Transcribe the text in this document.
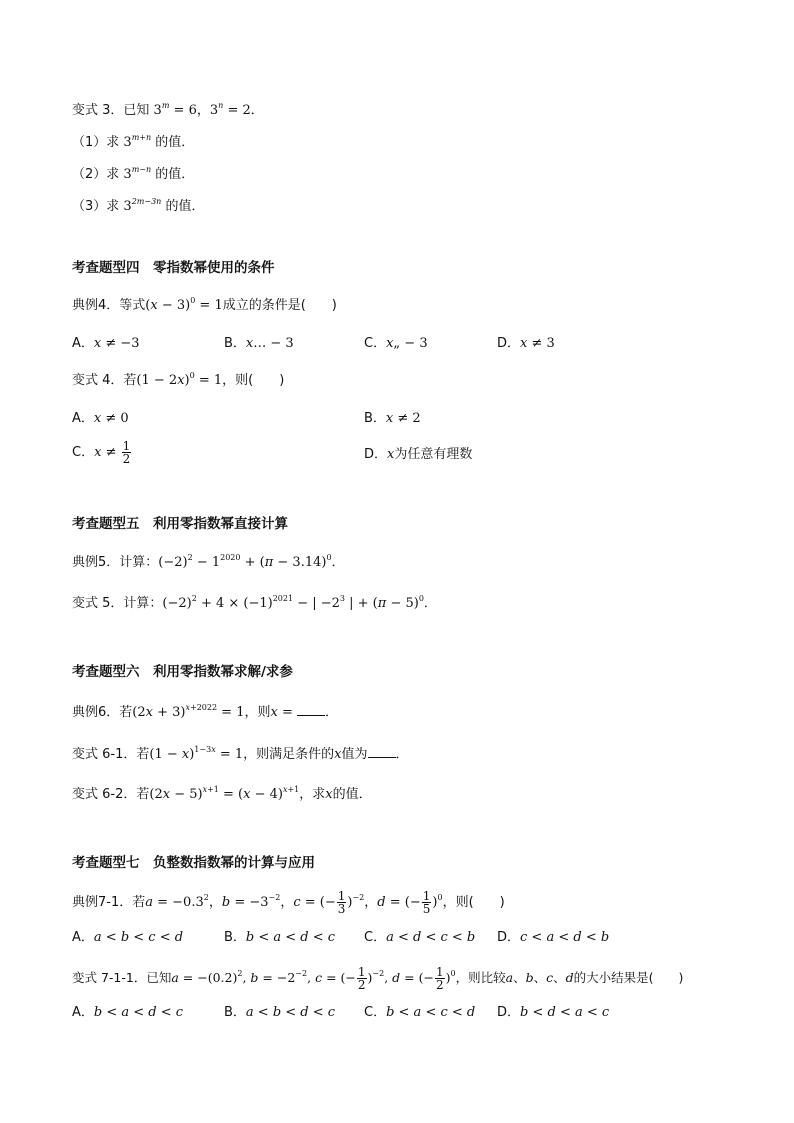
变式 3．已知 $3^m = 6$，$3^n = 2$．
（1）求 $3^{m+n}$ 的值．
（2）求 $3^{m-n}$ 的值．
（3）求 $3^{2m-3n}$ 的值．
考查题型四　零指数幂使用的条件
典例4．等式$(x - 3)^0 = 1$成立的条件是(　　)
A．x ≠ −3	B．x… − 3	C．x„ − 3	D．x ≠ 3
变式 4．若$(1 - 2x)^0 = 1$，则(　　)
A．x ≠ 0	B．x ≠ 2
C．$x \ne \frac{1}{2}$	D．x为任意有理数
考查题型五　利用零指数幂直接计算
典例5．计算：$(-2)^2 - 1^{2020} + (\pi - 3.14)^0$．
变式 5．计算：$(-2)^2 + 4 \times (-1)^{2021}$ − | $-2^3$ | + $(\pi - 5)^0$．
考查题型六　利用零指数幂求解/求参
典例6．若$(2x + 3)^{x+2022} = 1$，则x = ．
变式 6-1．若$(1 - x)^{1-3x} = 1$，则满足条件的x值为 ．
变式 6-2．若$(2x - 5)^{x+1} = (x - 4)^{x+1}$，求x的值．
考查题型七　负整数指数幂的计算与应用
典例7-1．若$a = -0.3^2$，$b = -3^{-2}$，c = (− $\frac{1}{3} )^{-2}$，d = (− $\frac{1}{5} )^0$，则(　　)
A．a < b < c < d	B．b < a < d < c C．a < d < c < b D．c < a < d < b
变式 7-1-1．已知$a = -(0.2)^2$, $b = -2^{-2}$, c = (− $\frac{1}{2} )^{-2}$, d = (− $\frac{1}{2} )^0$，则比较a、b、c、d的大小结果是(　　)
A．b < a < d < c	B．a < b < d < c C．b < a < c < d D．b < d < a < c
